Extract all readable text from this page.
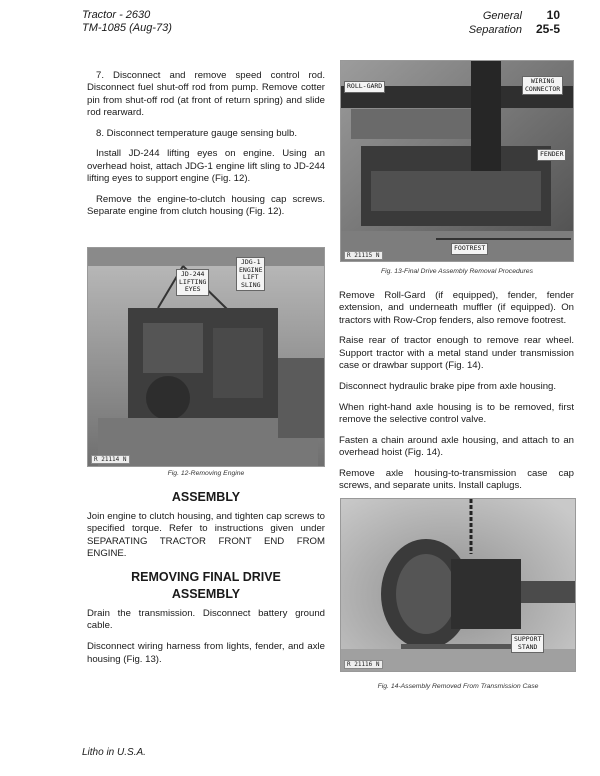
Tractor - 2630
TM-1085 (Aug-73)
General 10
Separation 25-5

7. Disconnect and remove speed control rod. Disconnect fuel shut-off rod from pump. Remove cotter pin from shut-off rod (at front of return spring) and slide rod rearward.

8. Disconnect temperature gauge sensing bulb.

Install JD-244 lifting eyes on engine. Using an overhead hoist, attach JDG-1 engine lift sling to JD-244 lifting eyes to support engine (Fig. 12).

Remove the engine-to-clutch housing cap screws. Separate engine from clutch housing (Fig. 12).

JD-244
LIFTING
EYES
JDG-1
ENGINE
LIFT
SLING
R 21114 N
Fig. 12-Removing Engine
ASSEMBLY

Join engine to clutch housing, and tighten cap screws to specified torque. Refer to instructions given under SEPARATING TRACTOR FRONT END FROM ENGINE.

REMOVING FINAL DRIVE
ASSEMBLY

Drain the transmission. Disconnect battery ground cable.

Disconnect wiring harness from lights, fender, and axle housing (Fig. 13).

ROLL-GARD
WIRING
CONNECTOR
FENDER
FOOTREST
R 21115 N
Fig. 13-Final Drive Assembly Removal Procedures

Remove Roll-Gard (if equipped), fender, fender extension, and underneath muffler (if equipped). On tractors with Row-Crop fenders, also remove footrest.

Raise rear of tractor enough to remove rear wheel. Support tractor with a metal stand under transmission case or drawbar support (Fig. 14).

Disconnect hydraulic brake pipe from axle housing.

When right-hand axle housing is to be removed, first remove the selective control valve.

Fasten a chain around axle housing, and attach to an overhead hoist (Fig. 14).

Remove axle housing-to-transmission case cap screws, and separate units. Install caplugs.

SUPPORT
STAND
R 21116 N
Fig. 14-Assembly Removed From Transmission Case
Litho in U.S.A.
